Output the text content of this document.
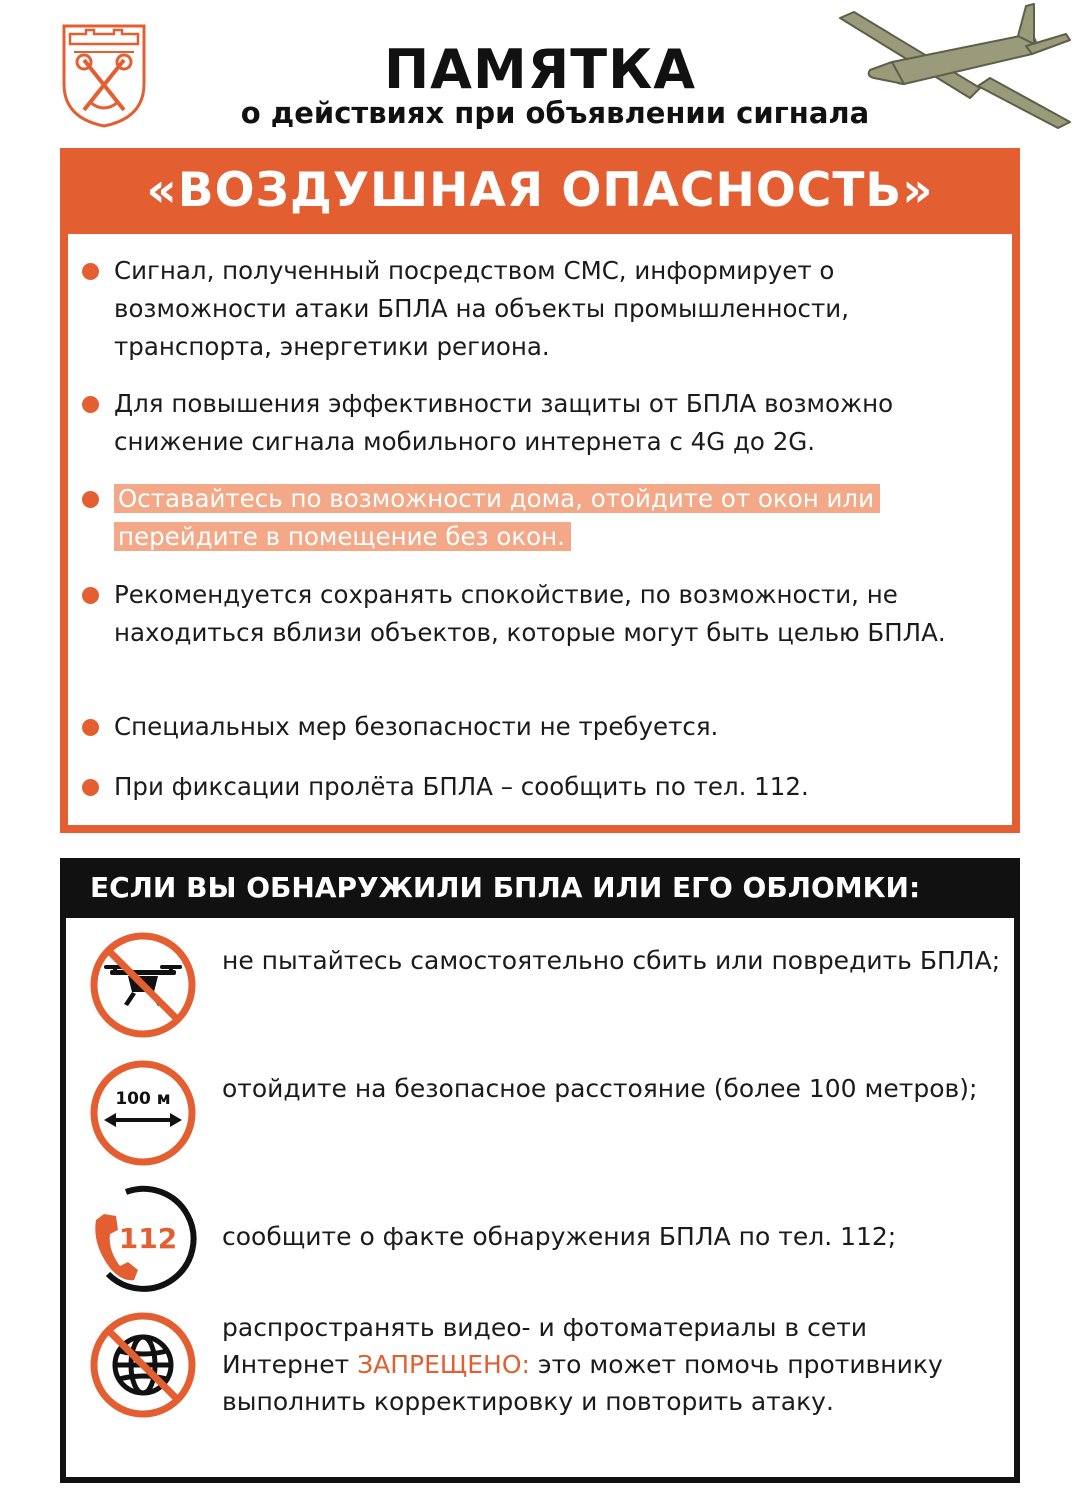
ПАМЯТКА
о действиях при объявлении сигнала
«ВОЗДУШНАЯ ОПАСНОСТЬ»
Сигнал, полученный посредством СМС, информирует о возможности атаки БПЛА на объекты промышленности, транспорта, энергетики региона.
Для повышения эффективности защиты от БПЛА возможно снижение сигнала мобильного интернета с 4G до 2G.
Оставайтесь по возможности дома, отойдите от окон или перейдите в помещение без окон.
Рекомендуется сохранять спокойствие, по возможности, не находиться вблизи объектов, которые могут быть целью БПЛА.
Специальных мер безопасности не требуется.
При фиксации пролёта БПЛА – сообщить по тел. 112.
ЕСЛИ ВЫ ОБНАРУЖИЛИ БПЛА ИЛИ ЕГО ОБЛОМКИ:
не пытайтесь самостоятельно сбить или повредить БПЛА;
100 м отойдите на безопасное расстояние (более 100 метров);
112 сообщите о факте обнаружения БПЛА по тел. 112;
распространять видео- и фотоматериалы в сети Интернет ЗАПРЕЩЕНО: это может помочь противнику выполнить корректировку и повторить атаку.
